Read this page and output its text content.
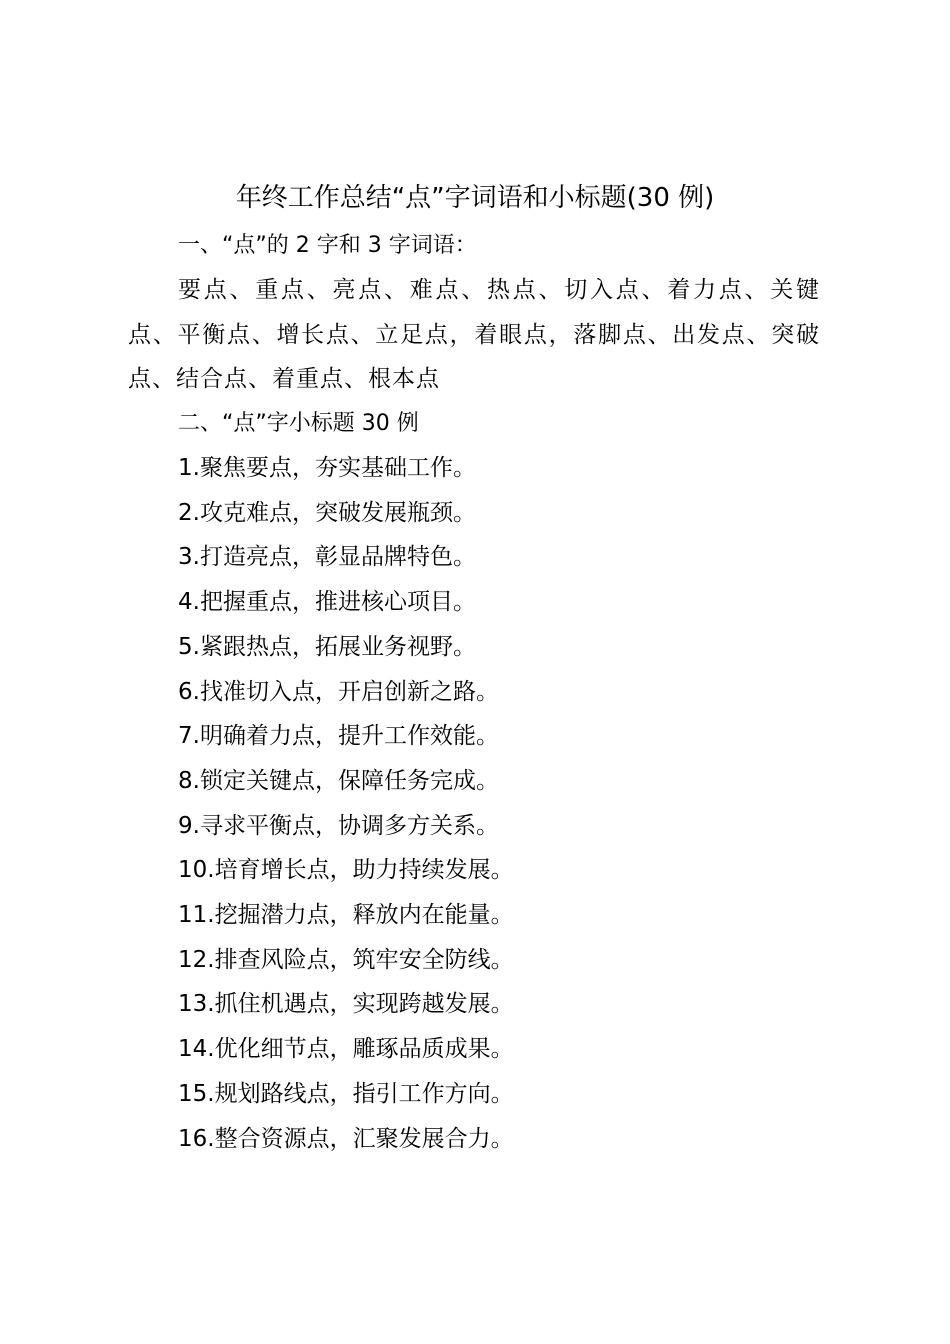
年终工作总结“点”字词语和小标题(30 例)
一、“点”的 2 字和 3 字词语：
要点、重点、亮点、难点、热点、切入点、着力点、关键点、平衡点、增长点、立足点，着眼点，落脚点、出发点、突破点、结合点、着重点、根本点
二、“点”字小标题 30 例
1.聚焦要点，夯实基础工作。
2.攻克难点，突破发展瓶颈。
3.打造亮点，彰显品牌特色。
4.把握重点，推进核心项目。
5.紧跟热点，拓展业务视野。
6.找准切入点，开启创新之路。
7.明确着力点，提升工作效能。
8.锁定关键点，保障任务完成。
9.寻求平衡点，协调多方关系。
10.培育增长点，助力持续发展。
11.挖掘潜力点，释放内在能量。
12.排查风险点，筑牢安全防线。
13.抓住机遇点，实现跨越发展。
14.优化细节点，雕琢品质成果。
15.规划路线点，指引工作方向。
16.整合资源点，汇聚发展合力。
